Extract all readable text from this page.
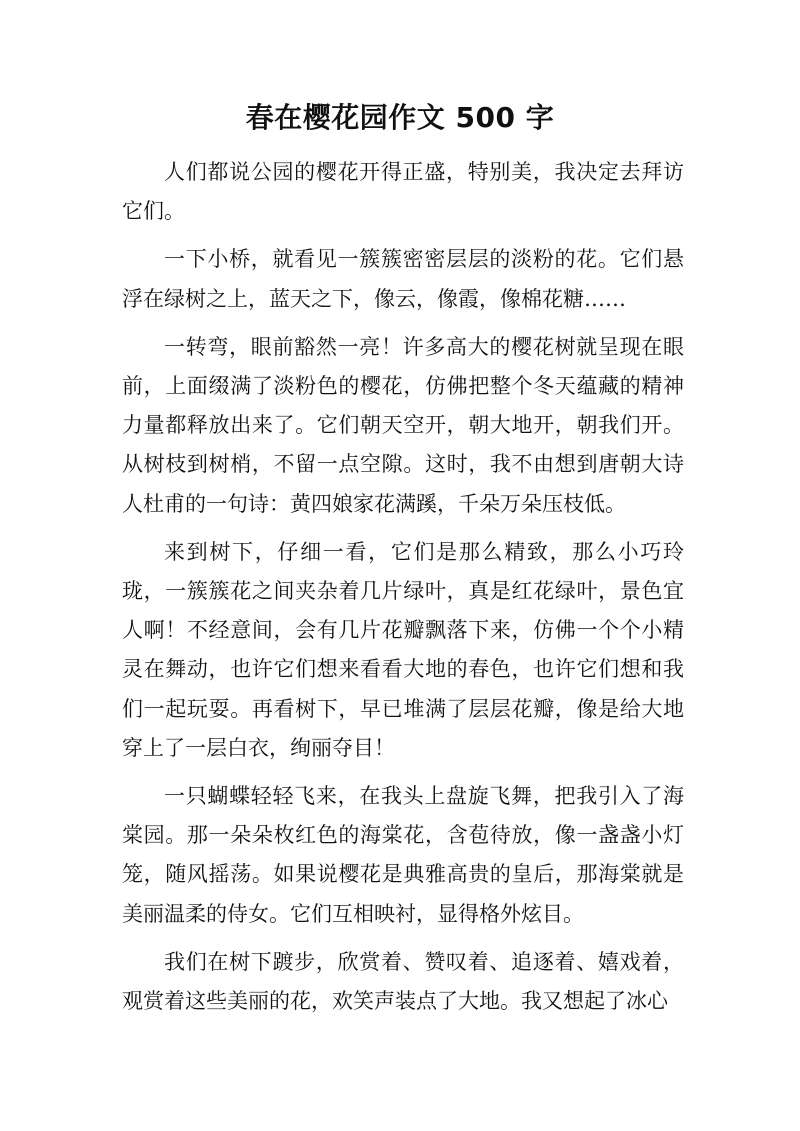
春在樱花园作文 500 字

人们都说公园的樱花开得正盛，特别美，我决定去拜访它们。

一下小桥，就看见一簇簇密密层层的淡粉的花。它们悬浮在绿树之上，蓝天之下，像云，像霞，像棉花糖……

一转弯，眼前豁然一亮！许多高大的樱花树就呈现在眼前，上面缀满了淡粉色的樱花，仿佛把整个冬天蕴藏的精神力量都释放出来了。它们朝天空开，朝大地开，朝我们开。从树枝到树梢，不留一点空隙。这时，我不由想到唐朝大诗人杜甫的一句诗：黄四娘家花满蹊，千朵万朵压枝低。

来到树下，仔细一看，它们是那么精致，那么小巧玲珑，一簇簇花之间夹杂着几片绿叶，真是红花绿叶，景色宜人啊！不经意间，会有几片花瓣飘落下来，仿佛一个个小精灵在舞动，也许它们想来看看大地的春色，也许它们想和我们一起玩耍。再看树下，早已堆满了层层花瓣，像是给大地穿上了一层白衣，绚丽夺目！

一只蝴蝶轻轻飞来，在我头上盘旋飞舞，把我引入了海棠园。那一朵朵枚红色的海棠花，含苞待放，像一盏盏小灯笼，随风摇荡。如果说樱花是典雅高贵的皇后，那海棠就是美丽温柔的侍女。它们互相映衬，显得格外炫目。

我们在树下踱步，欣赏着、赞叹着、追逐着、嬉戏着，观赏着这些美丽的花，欢笑声装点了大地。我又想起了冰心
